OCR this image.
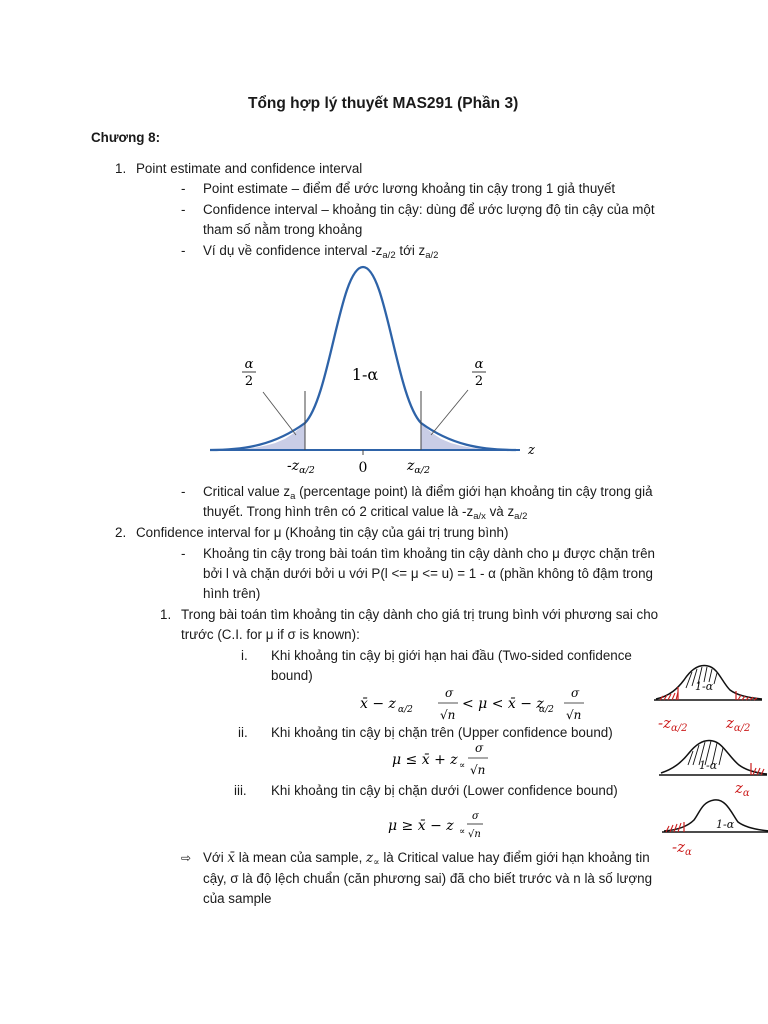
Tổng hợp lý thuyết MAS291 (Phần 3)
Chương 8:
1. Point estimate and confidence interval
- Point estimate – điểm để ước lương khoảng tin cậy trong 1 giả thuyết
- Confidence interval – khoảng tin cậy: dùng để ước lượng độ tin cậy của một
tham số nằm trong khoảng
- Ví dụ về confidence interval $-z_{a/2}$ tới $z_{a/2}$
α
2
α
2
1-α
z
$-z_{\alpha/2}$	0	$z_{\alpha/2}$
- Critical value $z_a$ (percentage point) là điểm giới hạn khoảng tin cậy trong giả
thuyết. Trong hình trên có 2 critical value là $-z_{a/x}$ và $z_{a/2}$
2. Confidence interval for μ (Khoảng tin cậy của gái trị trung bình)
- Khoảng tin cậy trong bài toán tìm khoảng tin cậy dành cho μ được chặn trên
bởi l và chặn dưới bởi u với P(l <= μ <= u) = 1 - α (phần không tô đậm trong
hình trên)
1. Trong bài toán tìm khoảng tin cậy dành cho giá trị trung bình với phương sai cho
trước (C.I. for μ if σ is known):
i. Khi khoảng tin cậy bị giới hạn hai đầu (Two-sided confidence
bound)
x̄ − z α/2
σ
√n
< μ < x̄ − z
α/2
σ
√n
ii. Khi khoảng tin cậy bị chặn trên (Upper confidence bound)
μ ≤ x̄ + z ∝
σ
√n
iii. Khi khoảng tin cậy bị chặn dưới (Lower confidence bound)
μ ≥ x̄ − z ∝
σ
√n
⇨ Với x̄ là mean của sample, $z_\propto$ là Critical value hay điểm giới hạn khoảng tin
cậy, σ là độ lệch chuẩn (căn phương sai) đã cho biết trước và n là số lượng
của sample
1-α
$-z_{\alpha/2}$	$z_{\alpha/2}$
1-α
$z_\alpha$
1-α
$-z_\alpha$
